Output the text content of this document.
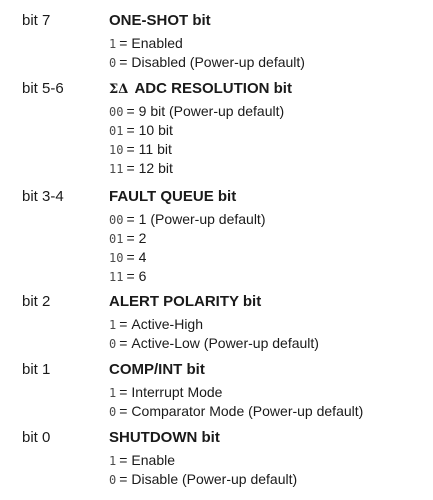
bit 7	ONE-SHOT bit
1 = Enabled
0 = Disabled (Power-up default)
bit 5-6	ΣΔ ADC RESOLUTION bit
00 = 9 bit (Power-up default)
01 = 10 bit
10 = 11 bit
11 = 12 bit
bit 3-4	FAULT QUEUE bit
00 = 1 (Power-up default)
01 = 2
10 = 4
11 = 6
bit 2	ALERT POLARITY bit
1 = Active-High
0 = Active-Low (Power-up default)
bit 1	COMP/INT bit
1 = Interrupt Mode
0 = Comparator Mode (Power-up default)
bit 0	SHUTDOWN bit
1 = Enable
0 = Disable (Power-up default)
